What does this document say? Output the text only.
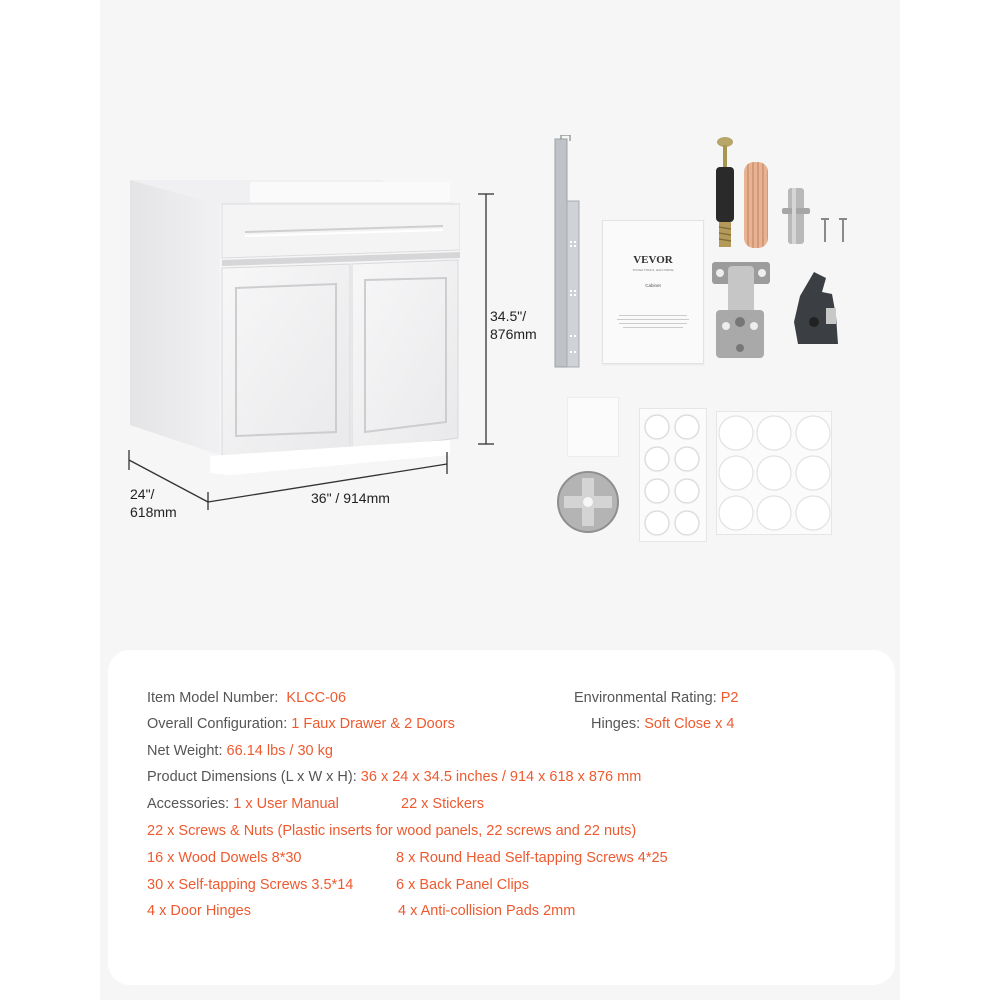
34.5"/
876mm
36" / 914mm
24"/
618mm
VEVOR
TOUGH TOOLS, HALF PRICE
Cabinet
Item Model Number: KLCC-06	Environmental Rating: P2
Overall Configuration: 1 Faux Drawer & 2 Doors	Hinges: Soft Close x 4
Net Weight: 66.14 lbs / 30 kg
Product Dimensions (L x W x H): 36 x 24 x 34.5 inches / 914 x 618 x 876 mm
Accessories: 1 x User Manual	22 x Stickers
22 x Screws & Nuts (Plastic inserts for wood panels, 22 screws and 22 nuts)
16 x Wood Dowels 8*30	8 x Round Head Self-tapping Screws 4*25
30 x Self-tapping Screws 3.5*14	6 x Back Panel Clips
4 x Door Hinges	4 x Anti-collision Pads 2mm
